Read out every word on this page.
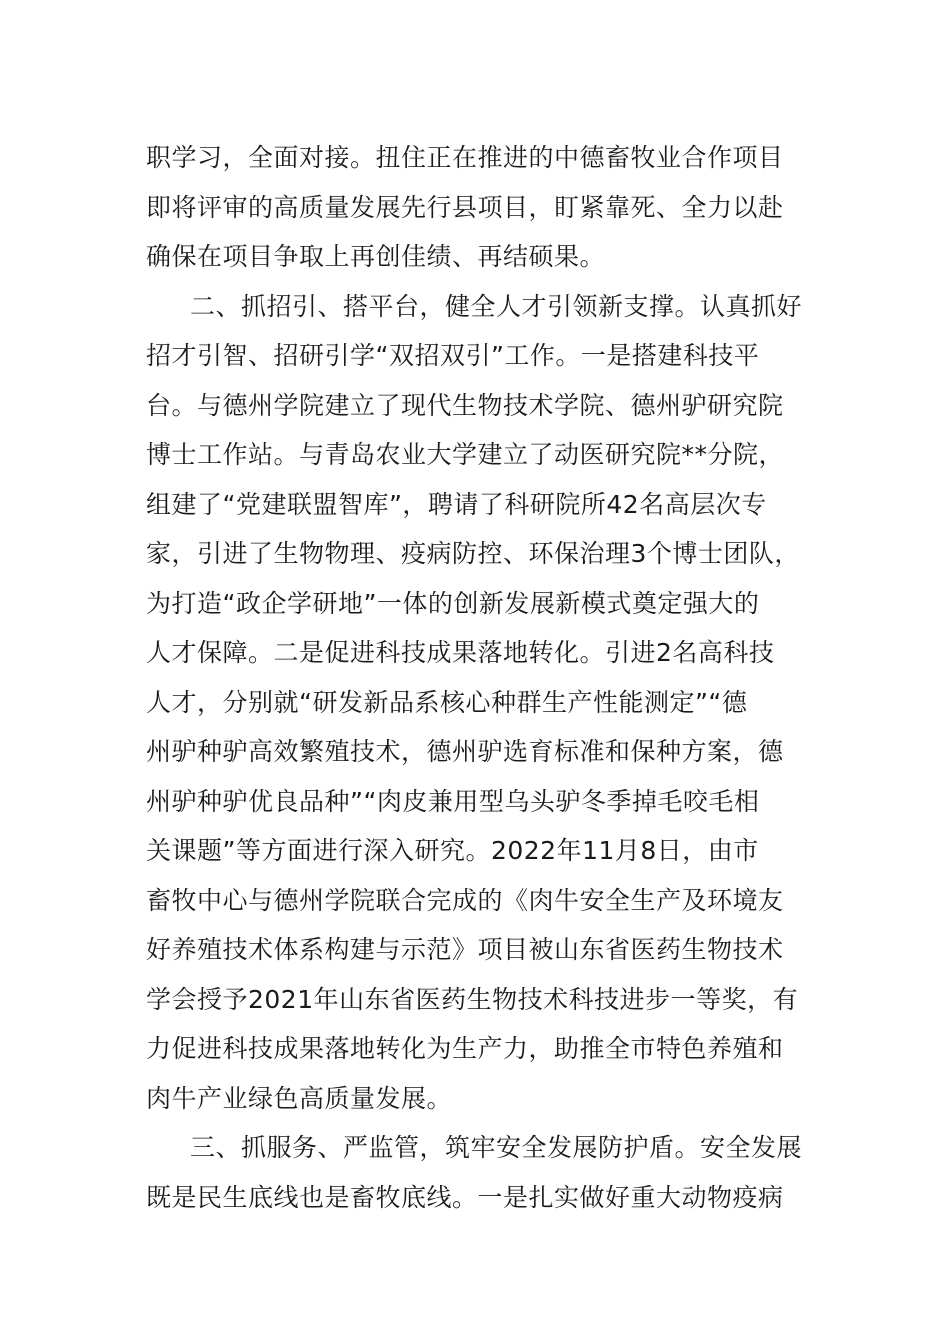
职学习，全面对接。扭住正在推进的中德畜牧业合作项目
即将评审的高质量发展先行县项目，盯紧靠死、全力以赴
确保在项目争取上再创佳绩、再结硕果。
二、抓招引、搭平台，健全人才引领新支撑。认真抓好
招才引智、招研引学“双招双引”工作。一是搭建科技平
台。与德州学院建立了现代生物技术学院、德州驴研究院
博士工作站。与青岛农业大学建立了动医研究院**分院，
组建了“党建联盟智库”，聘请了科研院所42名高层次专
家，引进了生物物理、疫病防控、环保治理3个博士团队，
为打造“政企学研地”一体的创新发展新模式奠定强大的
人才保障。二是促进科技成果落地转化。引进2名高科技
人才，分别就“研发新品系核心种群生产性能测定”“德
州驴种驴高效繁殖技术，德州驴选育标准和保种方案，德
州驴种驴优良品种”“肉皮兼用型乌头驴冬季掉毛咬毛相
关课题”等方面进行深入研究。2022年11月8日，由市
畜牧中心与德州学院联合完成的《肉牛安全生产及环境友
好养殖技术体系构建与示范》项目被山东省医药生物技术
学会授予2021年山东省医药生物技术科技进步一等奖，有
力促进科技成果落地转化为生产力，助推全市特色养殖和
肉牛产业绿色高质量发展。
三、抓服务、严监管，筑牢安全发展防护盾。安全发展
既是民生底线也是畜牧底线。一是扎实做好重大动物疫病
